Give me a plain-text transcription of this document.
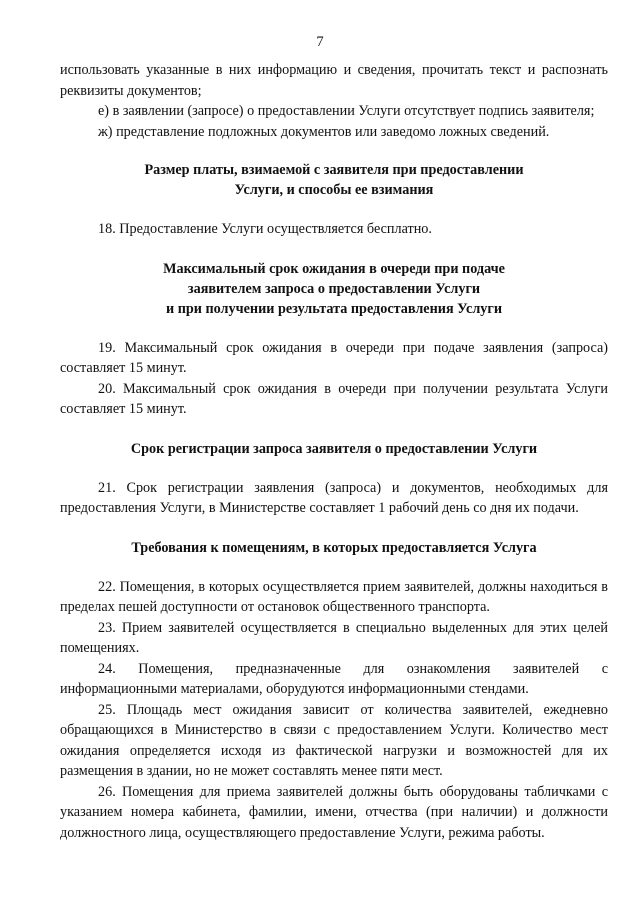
7

использовать указанные в них информацию и сведения, прочитать текст и распознать реквизиты документов;

е) в заявлении (запросе) о предоставлении Услуги отсутствует подпись заявителя;

ж) представление подложных документов или заведомо ложных сведений.

Размер платы, взимаемой с заявителя при предоставлении
Услуги, и способы ее взимания

18. Предоставление Услуги осуществляется бесплатно.

Максимальный срок ожидания в очереди при подаче
заявителем запроса о предоставлении Услуги
и при получении результата предоставления Услуги

19. Максимальный срок ожидания в очереди при подаче заявления (запроса) составляет 15 минут.

20. Максимальный срок ожидания в очереди при получении результата Услуги составляет 15 минут.

Срок регистрации запроса заявителя о предоставлении Услуги

21. Срок регистрации заявления (запроса) и документов, необходимых для предоставления Услуги, в Министерстве составляет 1 рабочий день со дня их подачи.

Требования к помещениям, в которых предоставляется Услуга

22. Помещения, в которых осуществляется прием заявителей, должны находиться в пределах пешей доступности от остановок общественного транспорта.

23. Прием заявителей осуществляется в специально выделенных для этих целей помещениях.

24. Помещения, предназначенные для ознакомления заявителей с информационными материалами, оборудуются информационными стендами.

25. Площадь мест ожидания зависит от количества заявителей, ежедневно обращающихся в Министерство в связи с предоставлением Услуги. Количество мест ожидания определяется исходя из фактической нагрузки и возможностей для их размещения в здании, но не может составлять менее пяти мест.

26. Помещения для приема заявителей должны быть оборудованы табличками с указанием номера кабинета, фамилии, имени, отчества (при наличии) и должности должностного лица, осуществляющего предоставление Услуги, режима работы.
